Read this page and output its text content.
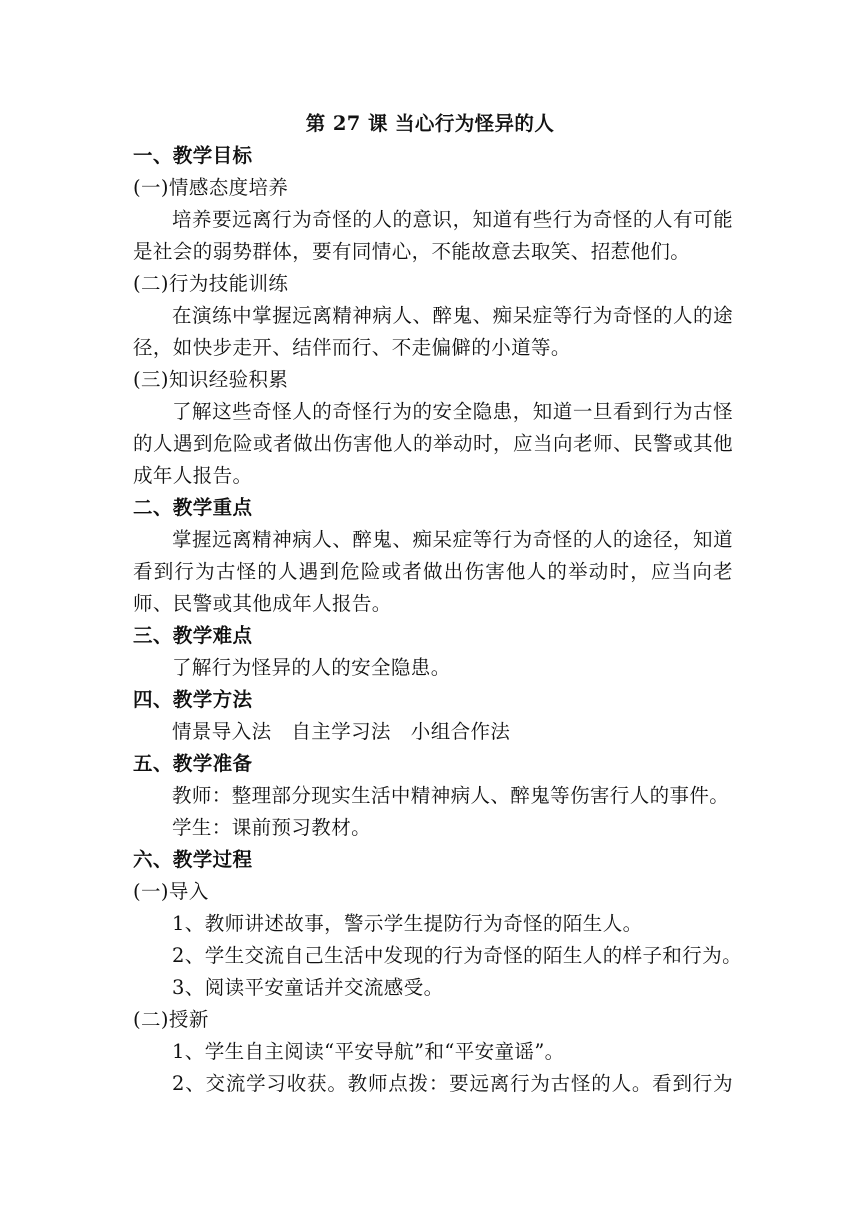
第 27 课 当心行为怪异的人
一、教学目标
(一)情感态度培养
培养要远离行为奇怪的人的意识，知道有些行为奇怪的人有可能
是社会的弱势群体，要有同情心，不能故意去取笑、招惹他们。
(二)行为技能训练
在演练中掌握远离精神病人、醉鬼、痴呆症等行为奇怪的人的途
径，如快步走开、结伴而行、不走偏僻的小道等。
(三)知识经验积累
了解这些奇怪人的奇怪行为的安全隐患，知道一旦看到行为古怪
的人遇到危险或者做出伤害他人的举动时，应当向老师、民警或其他
成年人报告。
二、教学重点
掌握远离精神病人、醉鬼、痴呆症等行为奇怪的人的途径，知道
看到行为古怪的人遇到危险或者做出伤害他人的举动时，应当向老
师、民警或其他成年人报告。
三、教学难点
了解行为怪异的人的安全隐患。
四、教学方法
情景导入法　自主学习法　小组合作法
五、教学准备
教师：整理部分现实生活中精神病人、醉鬼等伤害行人的事件。
学生：课前预习教材。
六、教学过程
(一)导入
1、教师讲述故事，警示学生提防行为奇怪的陌生人。
2、学生交流自己生活中发现的行为奇怪的陌生人的样子和行为。
3、阅读平安童话并交流感受。
(二)授新
1、学生自主阅读“平安导航”和“平安童谣”。
2、交流学习收获。教师点拨：要远离行为古怪的人。看到行为
